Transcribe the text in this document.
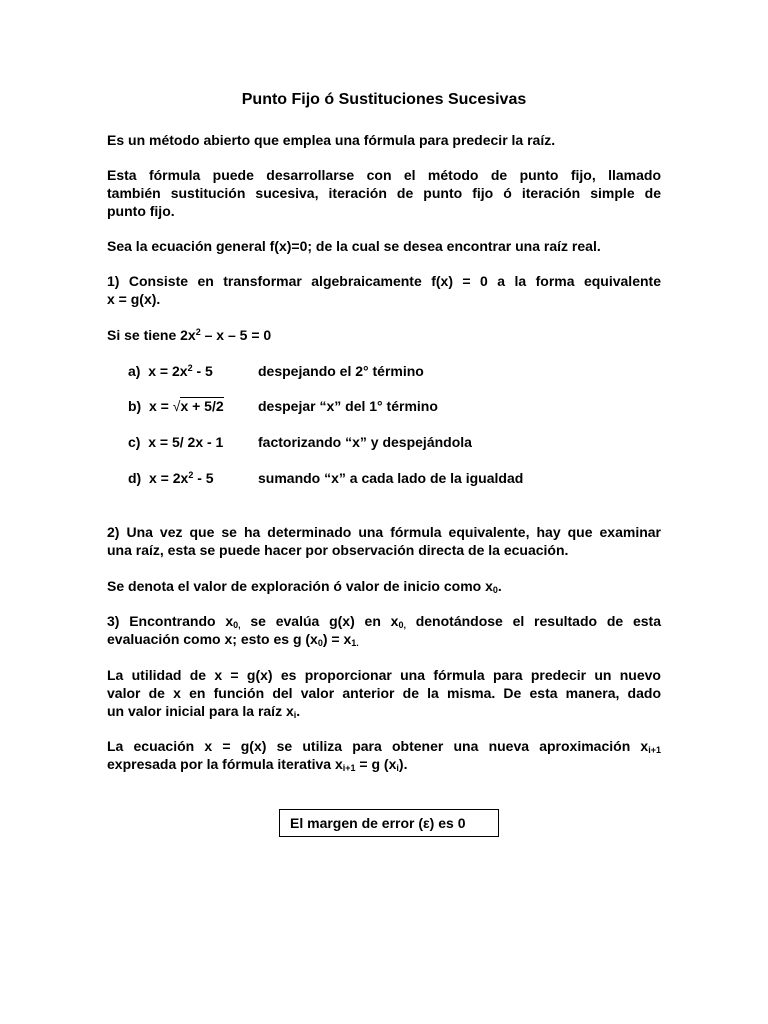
Punto Fijo ó Sustituciones Sucesivas

Es un método abierto que emplea una fórmula para predecir la raíz.

Esta fórmula puede desarrollarse con el método de punto fijo, llamado
también sustitución sucesiva, iteración de punto fijo ó iteración simple de
punto fijo.

Sea la ecuación general f(x)=0; de la cual se desea encontrar una raíz real.

1) Consiste en transformar algebraicamente f(x) = 0 a la forma equivalente
x = g(x).

Si se tiene $2x^2 - x - 5 = 0$

a) $x = 2x^2 - 5$	despejando el 2° término
b) x = √x + 5/2 despejar “x” del 1° término
c) x = 5/ 2x - 1 factorizando “x” y despejándola
d) $x = 2x^2 - 5$	sumando “x” a cada lado de la igualdad

2) Una vez que se ha determinado una fórmula equivalente, hay que examinar
una raíz, esta se puede hacer por observación directa de la ecuación.

Se denota el valor de exploración ó valor de inicio como $x_0$.

3) Encontrando $x_{0,}$ se evalúa g(x) en $x_{0,}$ denotándose el resultado de esta
evaluación como x; esto es g $(x_0) = x_{1.}$

La utilidad de x = g(x) es proporcionar una fórmula para predecir un nuevo
valor de x en función del valor anterior de la misma. De esta manera, dado
un valor inicial para la raíz $x_i$.

La ecuación x = g(x) se utiliza para obtener una nueva aproximación $x_{i+1}$
expresada por la fórmula iterativa $x_{i+1} = g$ $(x_i)$.

El margen de error (ε) es 0
